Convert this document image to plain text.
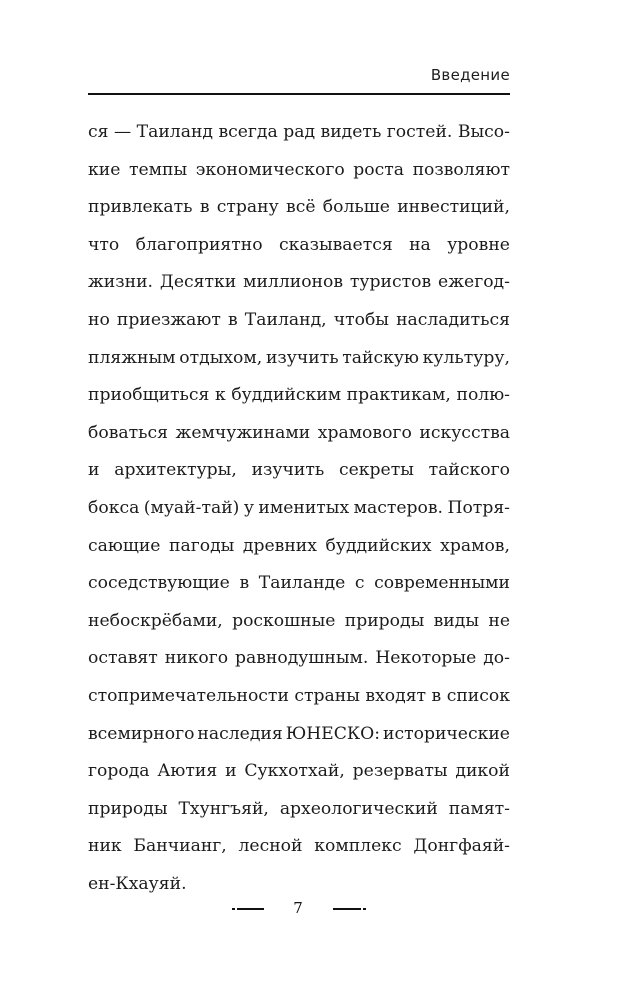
Введение
ся — Таиланд всегда рад видеть гостей. Высо-
кие темпы экономического роста позволяют
привлекать в страну всё больше инвестиций,
что благоприятно сказывается на уровне
жизни. Десятки миллионов туристов ежегод-
но приезжают в Таиланд, чтобы насладиться
пляжным отдыхом, изучить тайскую культуру,
приобщиться к буддийским практикам, полю-
боваться жемчужинами храмового искусства
и архитектуры, изучить секреты тайского
бокса (муай-тай) у именитых мастеров. Потря-
сающие пагоды древних буддийских храмов,
соседствующие в Таиланде с современными
небоскрёбами, роскошные природы виды не
оставят никого равнодушным. Некоторые до-
стопримечательности страны входят в список
всемирного наследия ЮНЕСКО: исторические
города Аютия и Сукхотхай, резерваты дикой
природы Тхунгъяй, археологический памят-
ник Банчианг, лесной комплекс Донгфаяй-
ен-Кхауяй.
7
